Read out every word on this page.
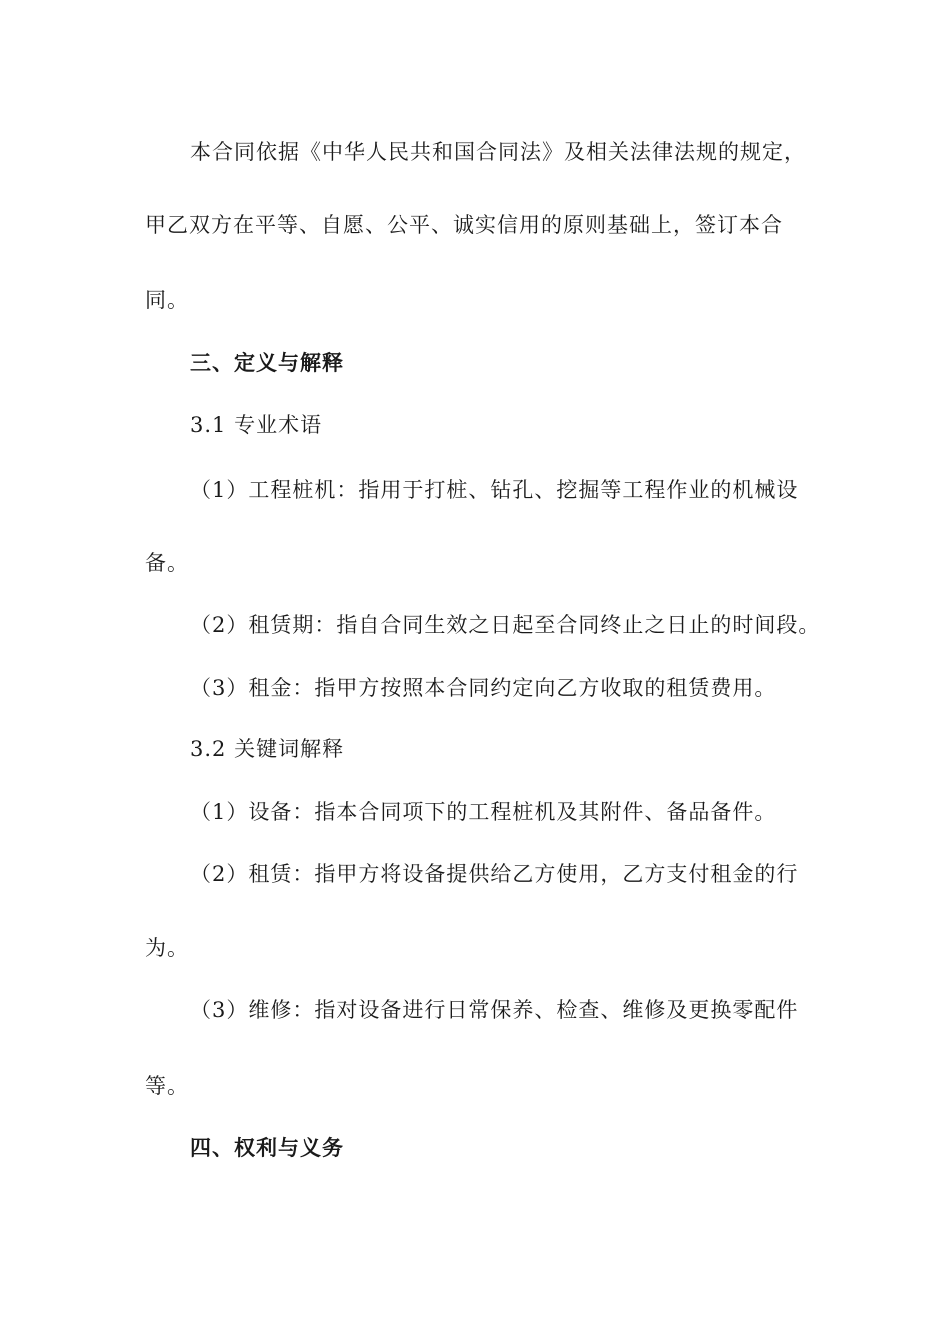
本合同依据《中华人民共和国合同法》及相关法律法规的规定，

甲乙双方在平等、自愿、公平、诚实信用的原则基础上，签订本合

同。

三、定义与解释

3.1 专业术语

（1）工程桩机：指用于打桩、钻孔、挖掘等工程作业的机械设

备。

（2）租赁期：指自合同生效之日起至合同终止之日止的时间段。

（3）租金：指甲方按照本合同约定向乙方收取的租赁费用。

3.2 关键词解释

（1）设备：指本合同项下的工程桩机及其附件、备品备件。

（2）租赁：指甲方将设备提供给乙方使用，乙方支付租金的行

为。

（3）维修：指对设备进行日常保养、检查、维修及更换零配件

等。

四、权利与义务
